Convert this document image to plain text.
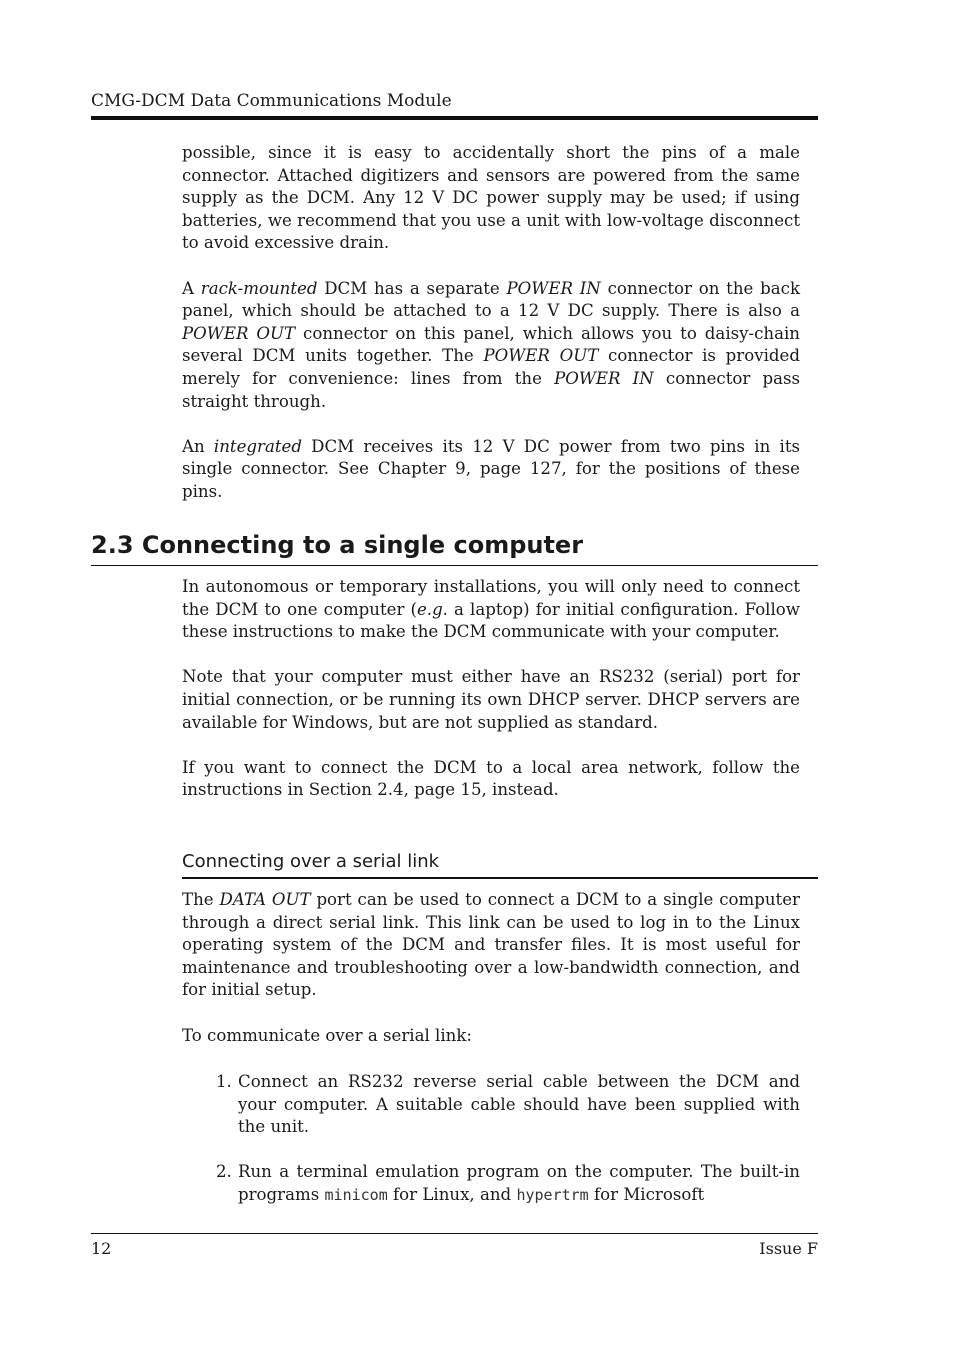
CMG-DCM Data Communications Module

possible, since it is easy to accidentally short the pins of a male connector. Attached digitizers and sensors are powered from the same supply as the DCM. Any 12 V DC power supply may be used; if using batteries, we recommend that you use a unit with low-voltage disconnect to avoid excessive drain.

A rack-mounted DCM has a separate POWER IN connector on the back panel, which should be attached to a 12 V DC supply. There is also a POWER OUT connector on this panel, which allows you to daisy-chain several DCM units together. The POWER OUT connector is provided merely for convenience: lines from the POWER IN connector pass straight through.

An integrated DCM receives its 12 V DC power from two pins in its single connector. See Chapter 9, page 127, for the positions of these pins.

2.3 Connecting to a single computer

In autonomous or temporary installations, you will only need to connect the DCM to one computer (e.g. a laptop) for initial configuration. Follow these instructions to make the DCM communicate with your computer.

Note that your computer must either have an RS232 (serial) port for initial connection, or be running its own DHCP server. DHCP servers are available for Windows, but are not supplied as standard.

If you want to connect the DCM to a local area network, follow the instructions in Section 2.4, page 15, instead.

Connecting over a serial link

The DATA OUT port can be used to connect a DCM to a single computer through a direct serial link. This link can be used to log in to the Linux operating system of the DCM and transfer files. It is most useful for maintenance and troubleshooting over a low-bandwidth connection, and for initial setup.

To communicate over a serial link:

1. Connect an RS232 reverse serial cable between the DCM and your computer. A suitable cable should have been supplied with the unit.
2. Run a terminal emulation program on the computer. The built-in programs minicom for Linux, and hypertrm for Microsoft
12	Issue F
